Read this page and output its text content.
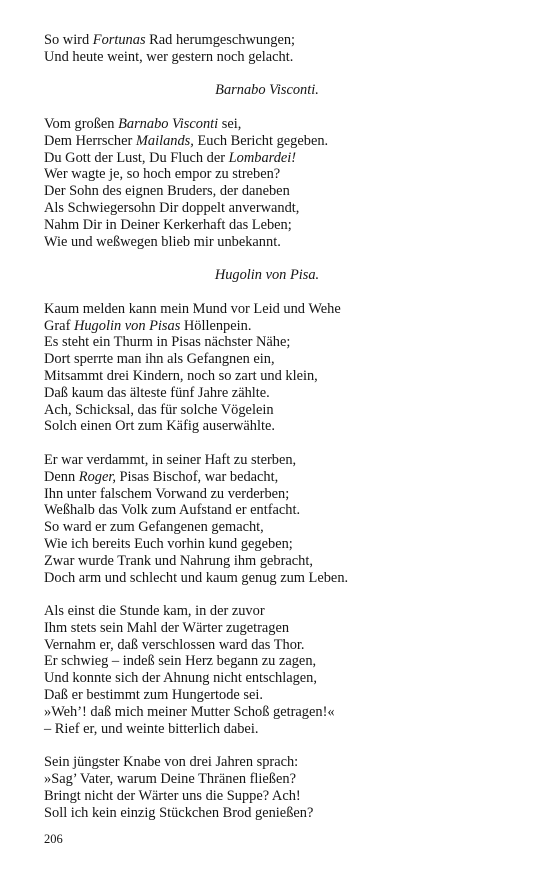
So wird Fortunas Rad herumgeschwungen;
Und heute weint, wer gestern noch gelacht.
Barnabo Visconti.
Vom großen Barnabo Visconti sei,
Dem Herrscher Mailands, Euch Bericht gegeben.
Du Gott der Lust, Du Fluch der Lombardei!
Wer wagte je, so hoch empor zu streben?
Der Sohn des eignen Bruders, der daneben
Als Schwiegersohn Dir doppelt anverwandt,
Nahm Dir in Deiner Kerkerhaft das Leben;
Wie und weßwegen blieb mir unbekannt.
Hugolin von Pisa.
Kaum melden kann mein Mund vor Leid und Wehe
Graf Hugolin von Pisas Höllenpein.
Es steht ein Thurm in Pisas nächster Nähe;
Dort sperrte man ihn als Gefangnen ein,
Mitsammt drei Kindern, noch so zart und klein,
Daß kaum das älteste fünf Jahre zählte.
Ach, Schicksal, das für solche Vögelein
Solch einen Ort zum Käfig auserwählte.
Er war verdammt, in seiner Haft zu sterben,
Denn Roger, Pisas Bischof, war bedacht,
Ihn unter falschem Vorwand zu verderben;
Weßhalb das Volk zum Aufstand er entfacht.
So ward er zum Gefangenen gemacht,
Wie ich bereits Euch vorhin kund gegeben;
Zwar wurde Trank und Nahrung ihm gebracht,
Doch arm und schlecht und kaum genug zum Leben.
Als einst die Stunde kam, in der zuvor
Ihm stets sein Mahl der Wärter zugetragen
Vernahm er, daß verschlossen ward das Thor.
Er schwieg – indeß sein Herz begann zu zagen,
Und konnte sich der Ahnung nicht entschlagen,
Daß er bestimmt zum Hungertode sei.
»Weh’! daß mich meiner Mutter Schoß getragen!«
– Rief er, und weinte bitterlich dabei.
Sein jüngster Knabe von drei Jahren sprach:
»Sag’ Vater, warum Deine Thränen fließen?
Bringt nicht der Wärter uns die Suppe? Ach!
Soll ich kein einzig Stückchen Brod genießen?
206
